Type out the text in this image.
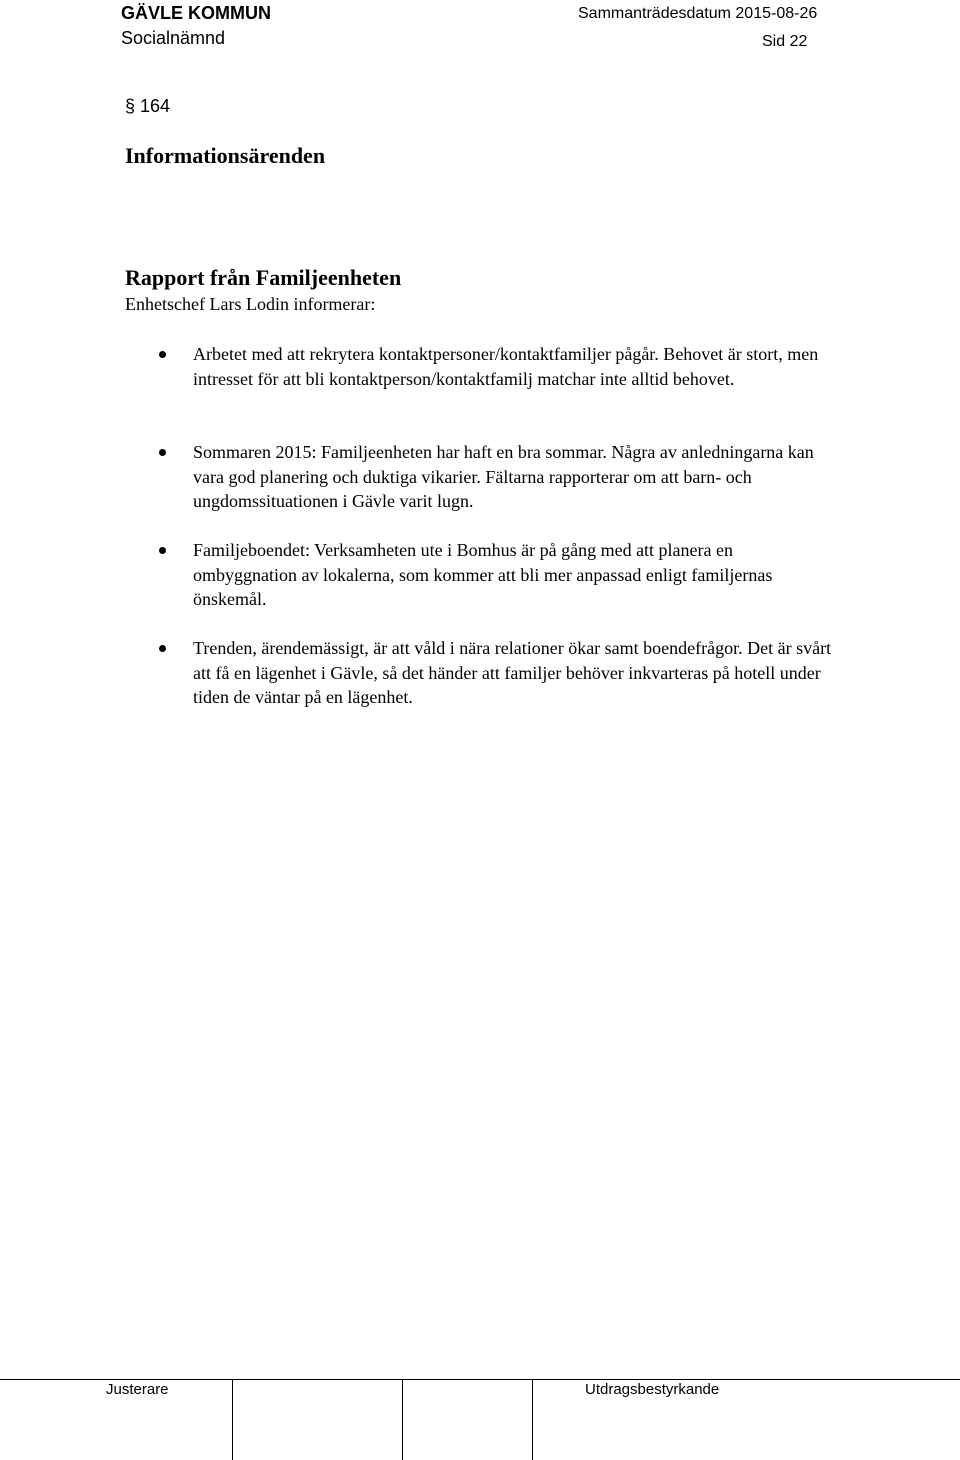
GÄVLE KOMMUN
Socialnämnd
Sammanträdesdatum 2015-08-26
Sid 22
§ 164
Informationsärenden
Rapport från Familjeenheten
Enhetschef Lars Lodin informerar:
Arbetet med att rekrytera kontaktpersoner/kontaktfamiljer pågår. Behovet är stort, men intresset för att bli kontaktperson/kontaktfamilj matchar inte alltid behovet.
Sommaren 2015: Familjeenheten har haft en bra sommar. Några av anledningarna kan vara god planering och duktiga vikarier. Fältarna rapporterar om att barn- och ungdomssituationen i Gävle varit lugn.
Familjeboendet: Verksamheten ute i Bomhus är på gång med att planera en ombyggnation av lokalerna, som kommer att bli mer anpassad enligt familjernas önskemål.
Trenden, ärendemässigt, är att våld i nära relationer ökar samt boendefrågor. Det är svårt att få en lägenhet i Gävle, så det händer att familjer behöver inkvarteras på hotell under tiden de väntar på en lägenhet.
Justerare	Utdragsbestyrkande
